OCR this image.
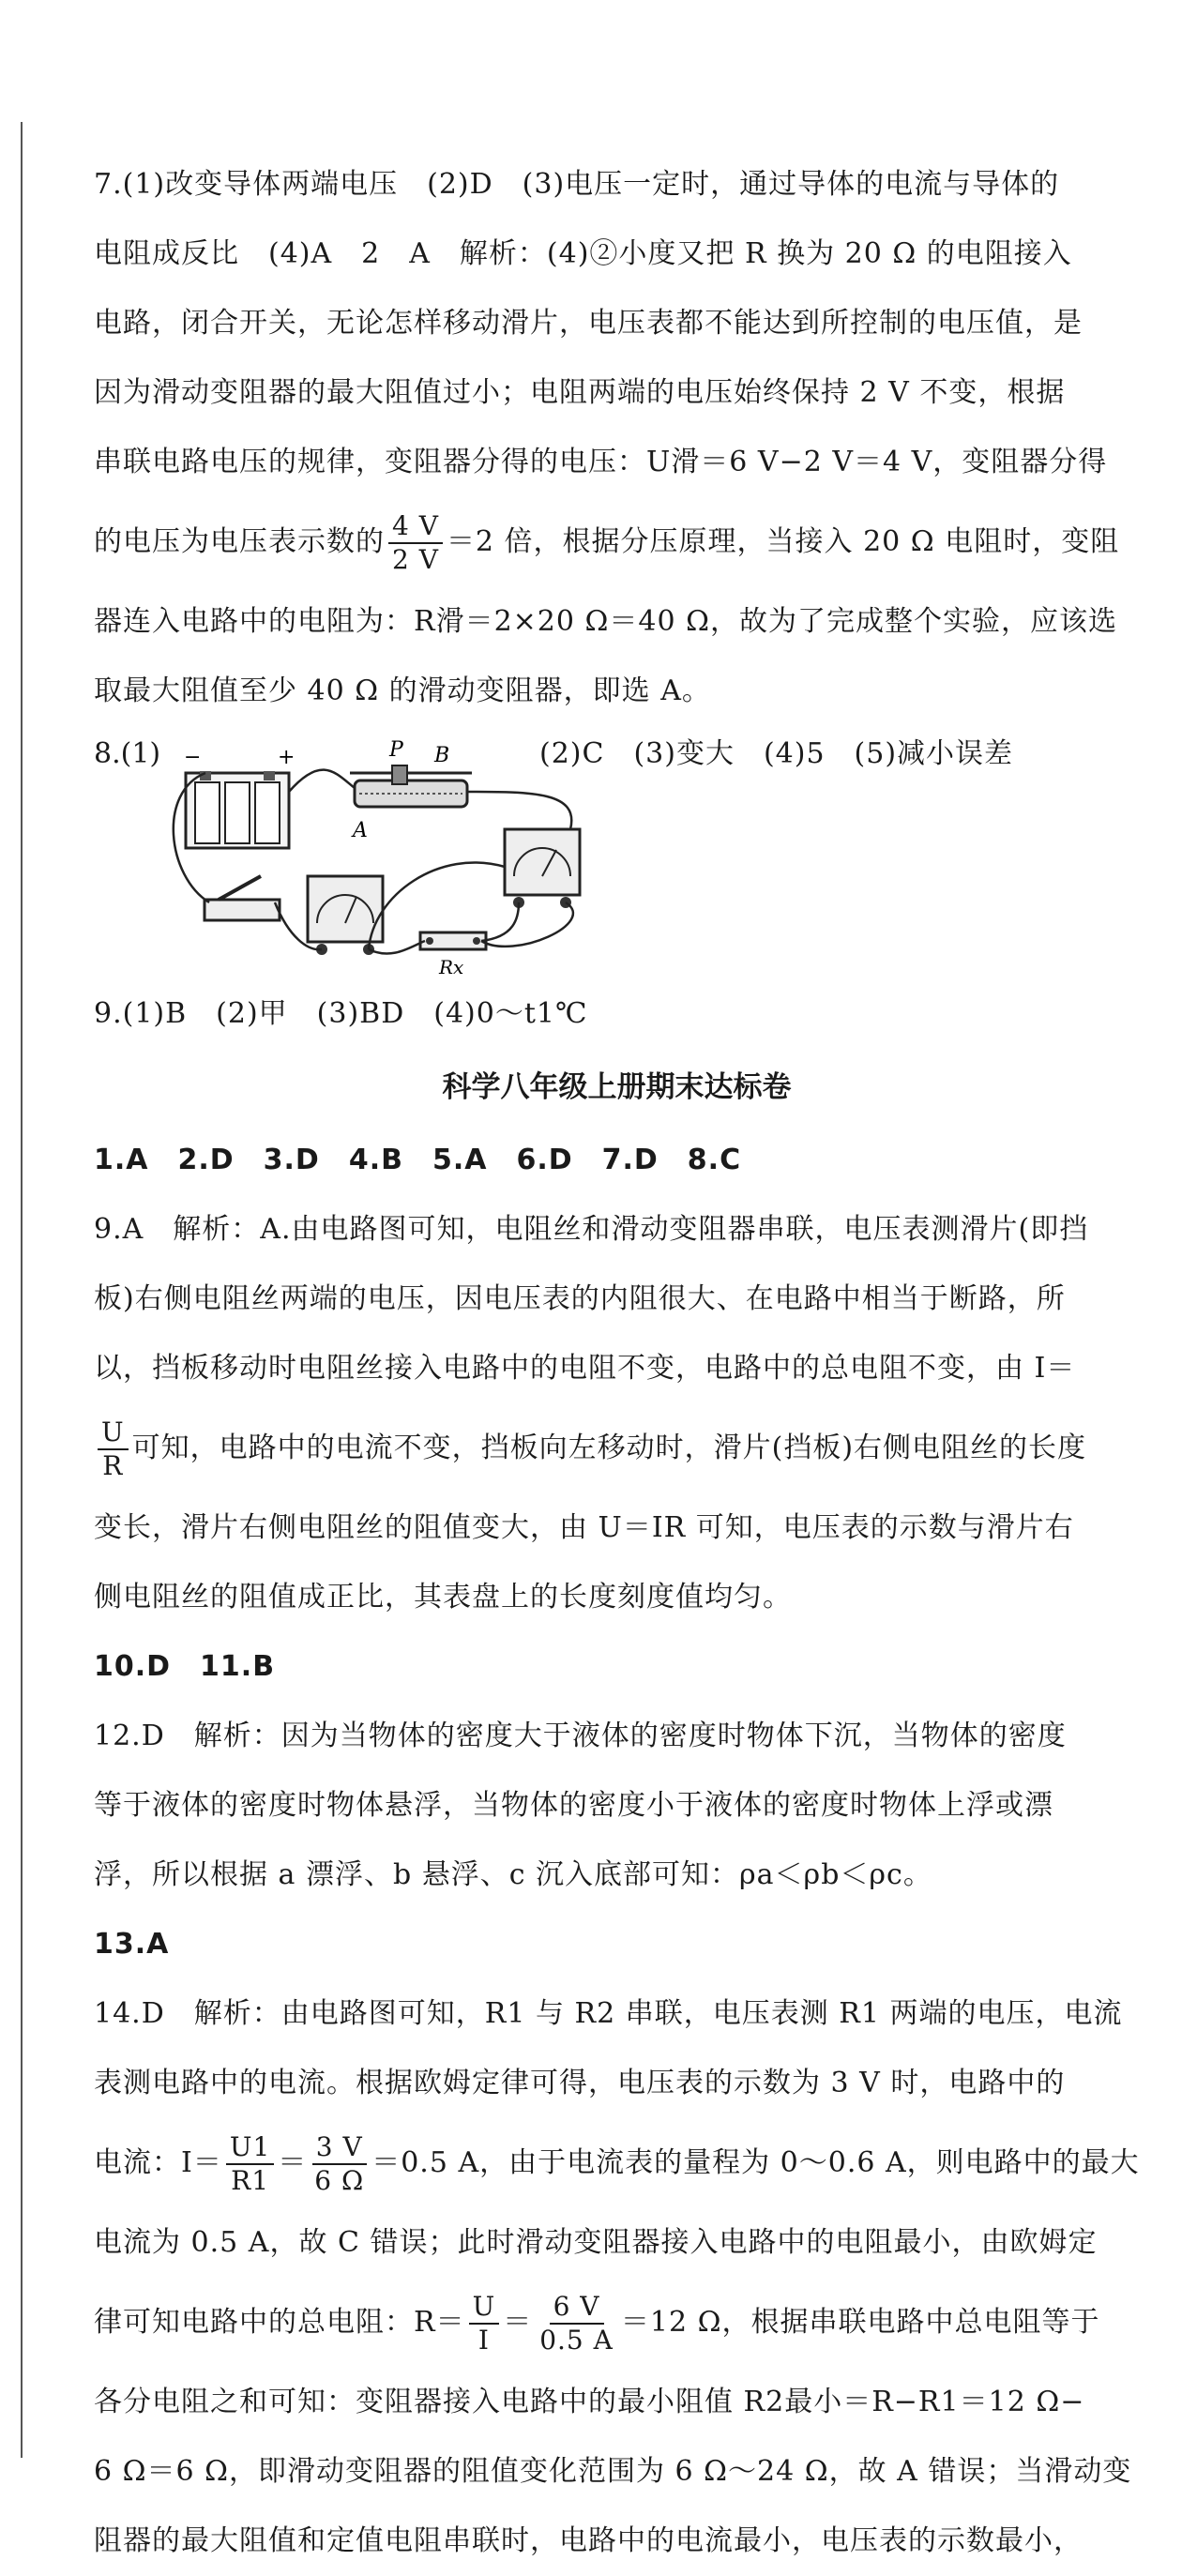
7.(1)改变导体两端电压　(2)D　(3)电压一定时，通过导体的电流与导体的

电阻成反比　(4)A　2　A　解析：(4)②小度又把 R 换为 20 Ω 的电阻接入

电路，闭合开关，无论怎样移动滑片，电压表都不能达到所控制的电压值，是

因为滑动变阻器的最大阻值过小；电阻两端的电压始终保持 2 V 不变，根据

串联电路电压的规律，变阻器分得的电压：U滑＝6 V−2 V＝4 V，变阻器分得

的电压为电压表示数的 $\frac{4 V}{2 V} =2$ 倍，根据分压原理，当接入 20 Ω 电阻时，变阻

器连入电路中的电阻为：R滑＝2×20 Ω＝40 Ω，故为了完成整个实验，应该选

取最大阻值至少 40 Ω 的滑动变阻器，即选 A。

8.(1)	(2)C　(3)变大　(4)5　(5)减小误差
−	+	P B
A
Rx

9.(1)B　(2)甲　(3)BD　(4)0～t1℃

科学八年级上册期末达标卷

1.A　2.D　3.D　4.B　5.A　6.D　7.D　8.C

9.A　解析：A.由电路图可知，电阻丝和滑动变阻器串联，电压表测滑片(即挡

板)右侧电阻丝两端的电压，因电压表的内阻很大、在电路中相当于断路，所

以，挡板移动时电阻丝接入电路中的电阻不变，电路中的总电阻不变，由 I＝

$\frac{U}{R}$ 可知，电路中的电流不变，挡板向左移动时，滑片(挡板)右侧电阻丝的长度

变长，滑片右侧电阻丝的阻值变大，由 U＝IR 可知，电压表的示数与滑片右

侧电阻丝的阻值成正比，其表盘上的长度刻度值均匀。

10.D　11.B

12.D　解析：因为当物体的密度大于液体的密度时物体下沉，当物体的密度

等于液体的密度时物体悬浮，当物体的密度小于液体的密度时物体上浮或漂

浮，所以根据 a 漂浮、b 悬浮、c 沉入底部可知：ρa＜ρb＜ρc。

13.A

14.D　解析：由电路图可知，R1 与 R2 串联，电压表测 R1 两端的电压，电流

表测电路中的电流。根据欧姆定律可得，电压表的示数为 3 V 时，电路中的

电流：$I= \frac{U1}{R1} = \frac{3 V}{6 \Omega} =0.5$ A，由于电流表的量程为 0～0.6 A，则电路中的最大

电流为 0.5 A，故 C 错误；此时滑动变阻器接入电路中的电阻最小，由欧姆定

律可知电路中的总电阻：$R= \frac{U}{I} = \frac{6 V}{0.5 A} =12$ Ω，根据串联电路中总电阻等于

各分电阻之和可知：变阻器接入电路中的最小阻值 R2最小＝R−R1＝12 Ω−

6 Ω＝6 Ω，即滑动变阻器的阻值变化范围为 6 Ω～24 Ω，故 A 错误；当滑动变

阻器的最大阻值和定值电阻串联时，电路中的电流最小，电压表的示数最小，
